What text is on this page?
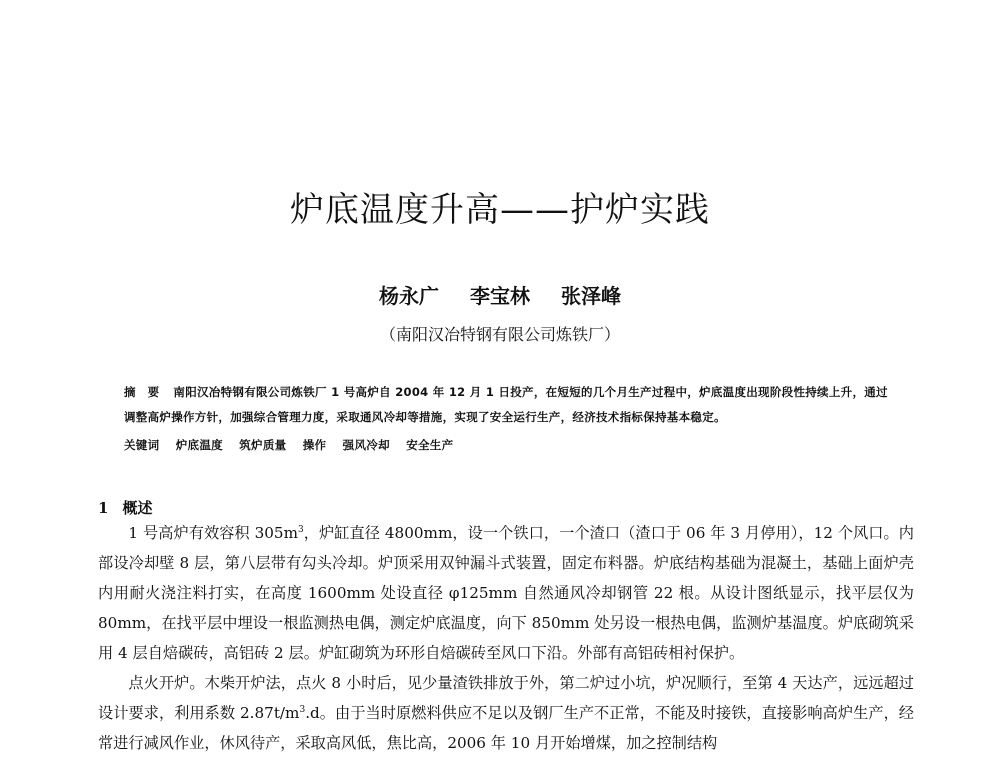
炉底温度升高——护炉实践
杨永广 李宝林 张泽峰
（南阳汉冶特钢有限公司炼铁厂）
摘　要 南阳汉冶特钢有限公司炼铁厂 1 号高炉自 2004 年 12 月 1 日投产，在短短的几个月生产过程中，炉底温度出现阶段性持续上升，通过调整高炉操作方针，加强综合管理力度，采取通风冷却等措施，实现了安全运行生产，经济技术指标保持基本稳定。
关键词 炉底温度 筑炉质量 操作 强风冷却 安全生产
1 概述
1 号高炉有效容积 $305m^3$，炉缸直径 4800mm，设一个铁口，一个渣口（渣口于 06 年 3 月停用），12 个风口。内部设冷却壁 8 层，第八层带有勾头冷却。炉顶采用双钟漏斗式装置，固定布料器。炉底结构基础为混凝土，基础上面炉壳内用耐火浇注料打实，在高度 1600mm 处设直径 φ125mm 自然通风冷却钢管 22 根。从设计图纸显示，找平层仅为 80mm，在找平层中埋设一根监测热电偶，测定炉底温度，向下 850mm 处另设一根热电偶，监测炉基温度。炉底砌筑采用 4 层自焙碳砖，高铝砖 2 层。炉缸砌筑为环形自焙碳砖至风口下沿。外部有高铝砖相衬保护。
点火开炉。木柴开炉法，点火 8 小时后，见少量渣铁排放于外，第二炉过小坑，炉况顺行，至第 4 天达产，远远超过设计要求，利用系数 $2.87t/m^3.d$。由于当时原燃料供应不足以及钢厂生产不正常，不能及时接铁，直接影响高炉生产，经常进行减风作业，休风待产，采取高风低，焦比高，2006 年 10 月开始增煤，加之控制结构
